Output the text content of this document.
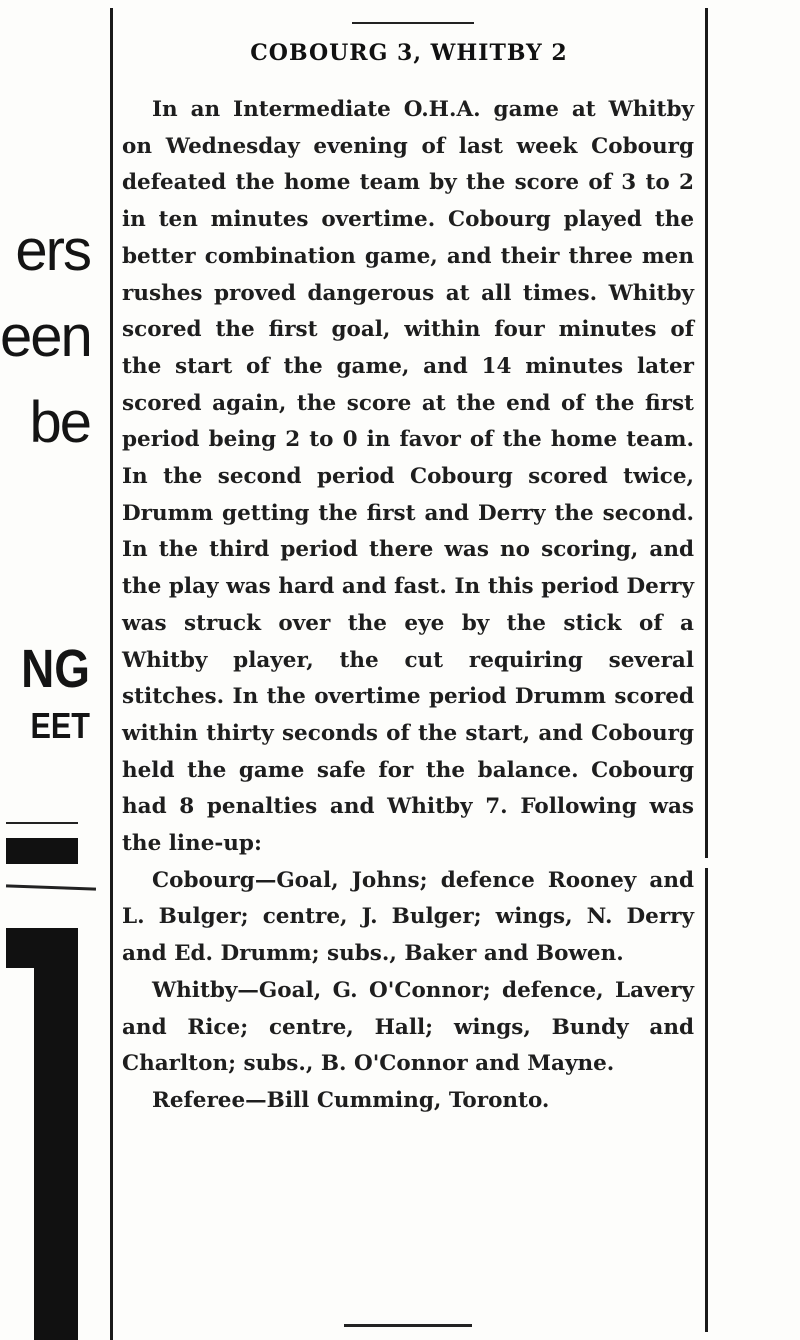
ers
een
be
NG
EET
COBOURG 3, WHITBY 2

In an Intermediate O.H.A. game at Whitby on Wednesday evening of last week Cobourg defeated the home team by the score of 3 to 2 in ten minutes overtime. Cobourg played the better combination game, and their three men rushes proved dangerous at all times. Whitby scored the first goal, within four minutes of the start of the game, and 14 minutes later scored again, the score at the end of the first period being 2 to 0 in favor of the home team. In the second period Cobourg scored twice, Drumm getting the first and Derry the second. In the third period there was no scoring, and the play was hard and fast. In this period Derry was struck over the eye by the stick of a Whitby player, the cut requiring several stitches. In the overtime period Drumm scored within thirty seconds of the start, and Cobourg held the game safe for the balance. Cobourg had 8 penalties and Whitby 7. Following was the line-up:

Cobourg—Goal, Johns; defence Rooney and L. Bulger; centre, J. Bulger; wings, N. Derry and Ed. Drumm; subs., Baker and Bowen.

Whitby—Goal, G. O'Connor; defence, Lavery and Rice; centre, Hall; wings, Bundy and Charlton; subs., B. O'Connor and Mayne.

Referee—Bill Cumming, Toronto.
